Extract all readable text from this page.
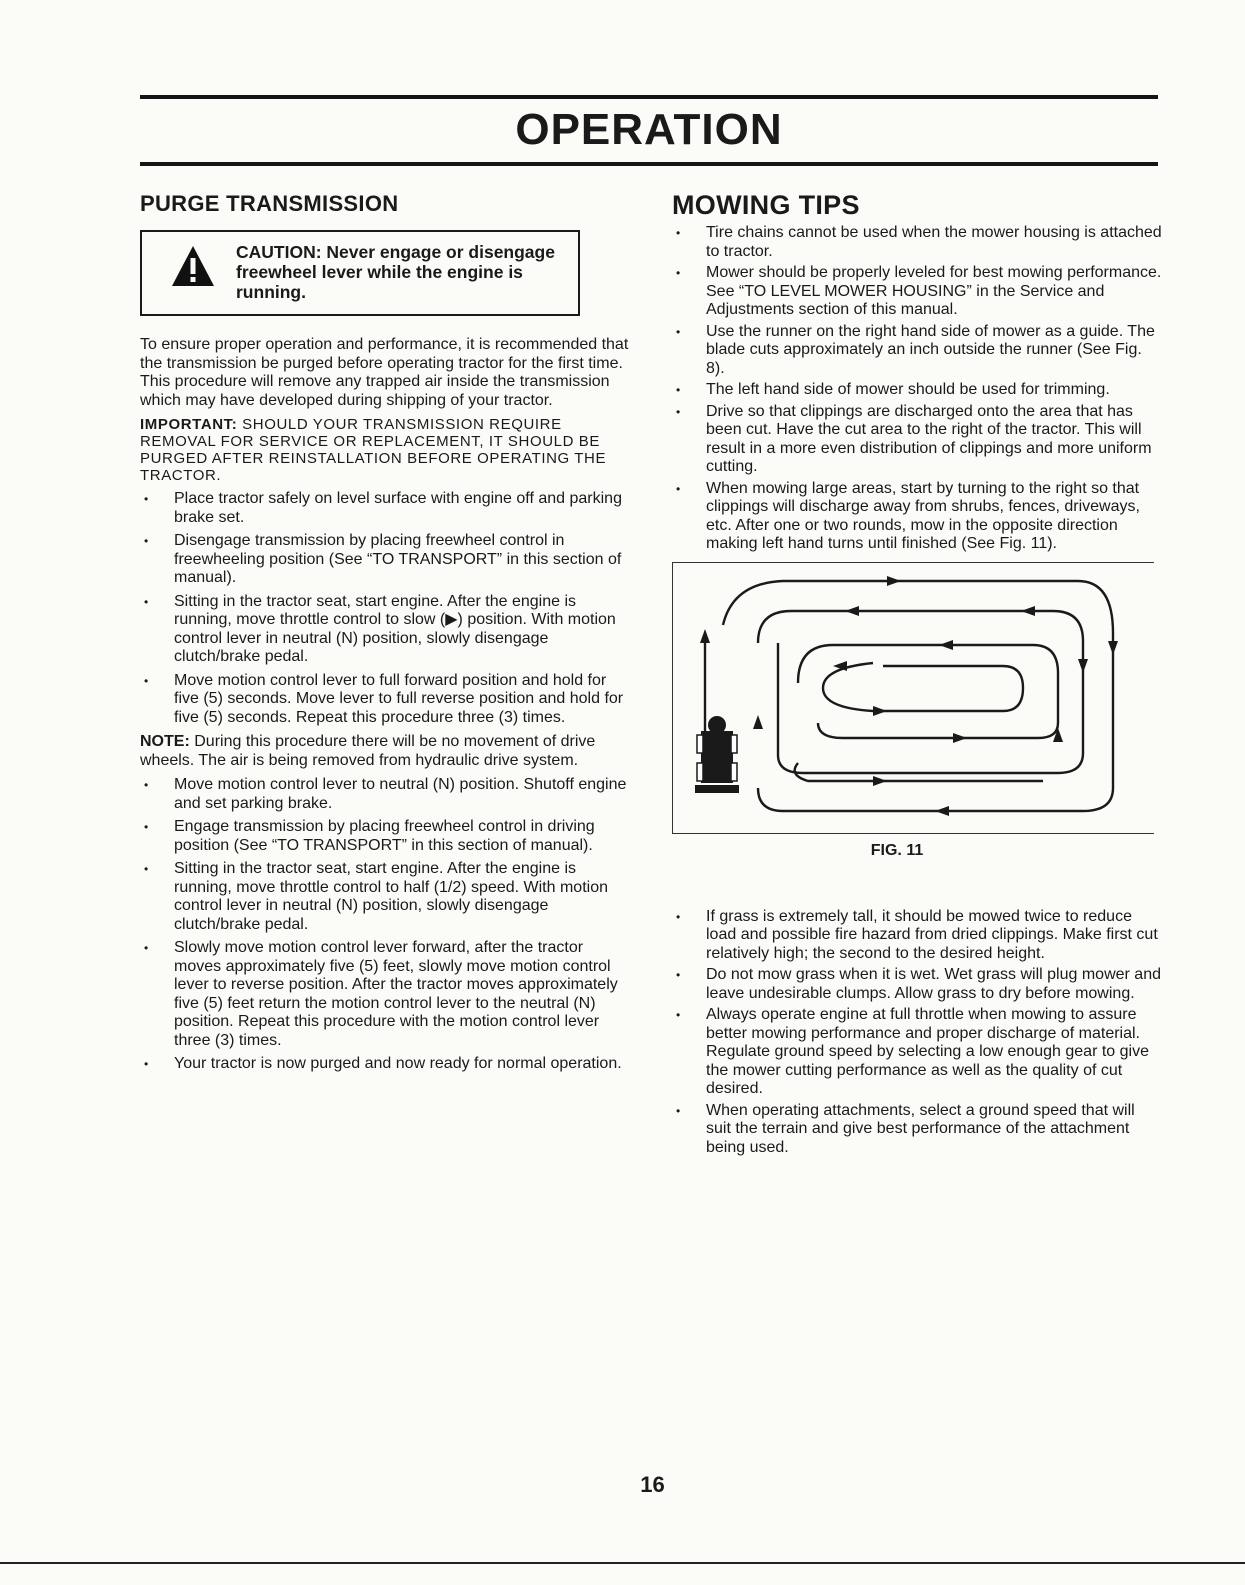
OPERATION
PURGE TRANSMISSION
CAUTION: Never engage or disengage freewheel lever while the engine is running.

To ensure proper operation and performance, it is recommended that the transmission be purged before operating tractor for the first time. This procedure will remove any trapped air inside the transmission which may have developed during shipping of your tractor.

IMPORTANT: SHOULD YOUR TRANSMISSION REQUIRE REMOVAL FOR SERVICE OR REPLACEMENT, IT SHOULD BE PURGED AFTER REINSTALLATION BEFORE OPERATING THE TRACTOR.

• Place tractor safely on level surface with engine off and parking brake set.
• Disengage transmission by placing freewheel control in freewheeling position (See “TO TRANSPORT” in this section of manual).
• Sitting in the tractor seat, start engine. After the engine is running, move throttle control to slow (▶) position. With motion control lever in neutral (N) position, slowly disengage clutch/brake pedal.
• Move motion control lever to full forward position and hold for five (5) seconds. Move lever to full reverse position and hold for five (5) seconds. Repeat this procedure three (3) times.

NOTE: During this procedure there will be no movement of drive wheels. The air is being removed from hydraulic drive system.

• Move motion control lever to neutral (N) position. Shutoff engine and set parking brake.
• Engage transmission by placing freewheel control in driving position (See “TO TRANSPORT” in this section of manual).
• Sitting in the tractor seat, start engine. After the engine is running, move throttle control to half (1/2) speed. With motion control lever in neutral (N) position, slowly disengage clutch/brake pedal.
• Slowly move motion control lever forward, after the tractor moves approximately five (5) feet, slowly move motion control lever to reverse position. After the tractor moves approximately five (5) feet return the motion control lever to the neutral (N) position. Repeat this procedure with the motion control lever three (3) times.
• Your tractor is now purged and now ready for normal operation.
MOWING TIPS
• Tire chains cannot be used when the mower housing is attached to tractor.
• Mower should be properly leveled for best mowing performance. See “TO LEVEL MOWER HOUSING” in the Service and Adjustments section of this manual.
• Use the runner on the right hand side of mower as a guide. The blade cuts approximately an inch outside the runner (See Fig. 8).
• The left hand side of mower should be used for trimming.
• Drive so that clippings are discharged onto the area that has been cut. Have the cut area to the right of the tractor. This will result in a more even distribution of clippings and more uniform cutting.
• When mowing large areas, start by turning to the right so that clippings will discharge away from shrubs, fences, driveways, etc. After one or two rounds, mow in the opposite direction making left hand turns until finished (See Fig. 11).

FIG. 11

• If grass is extremely tall, it should be mowed twice to reduce load and possible fire hazard from dried clippings. Make first cut relatively high; the second to the desired height.
• Do not mow grass when it is wet. Wet grass will plug mower and leave undesirable clumps. Allow grass to dry before mowing.
• Always operate engine at full throttle when mowing to assure better mowing performance and proper discharge of material. Regulate ground speed by selecting a low enough gear to give the mower cutting performance as well as the quality of cut desired.
• When operating attachments, select a ground speed that will suit the terrain and give best performance of the attachment being used.

16
